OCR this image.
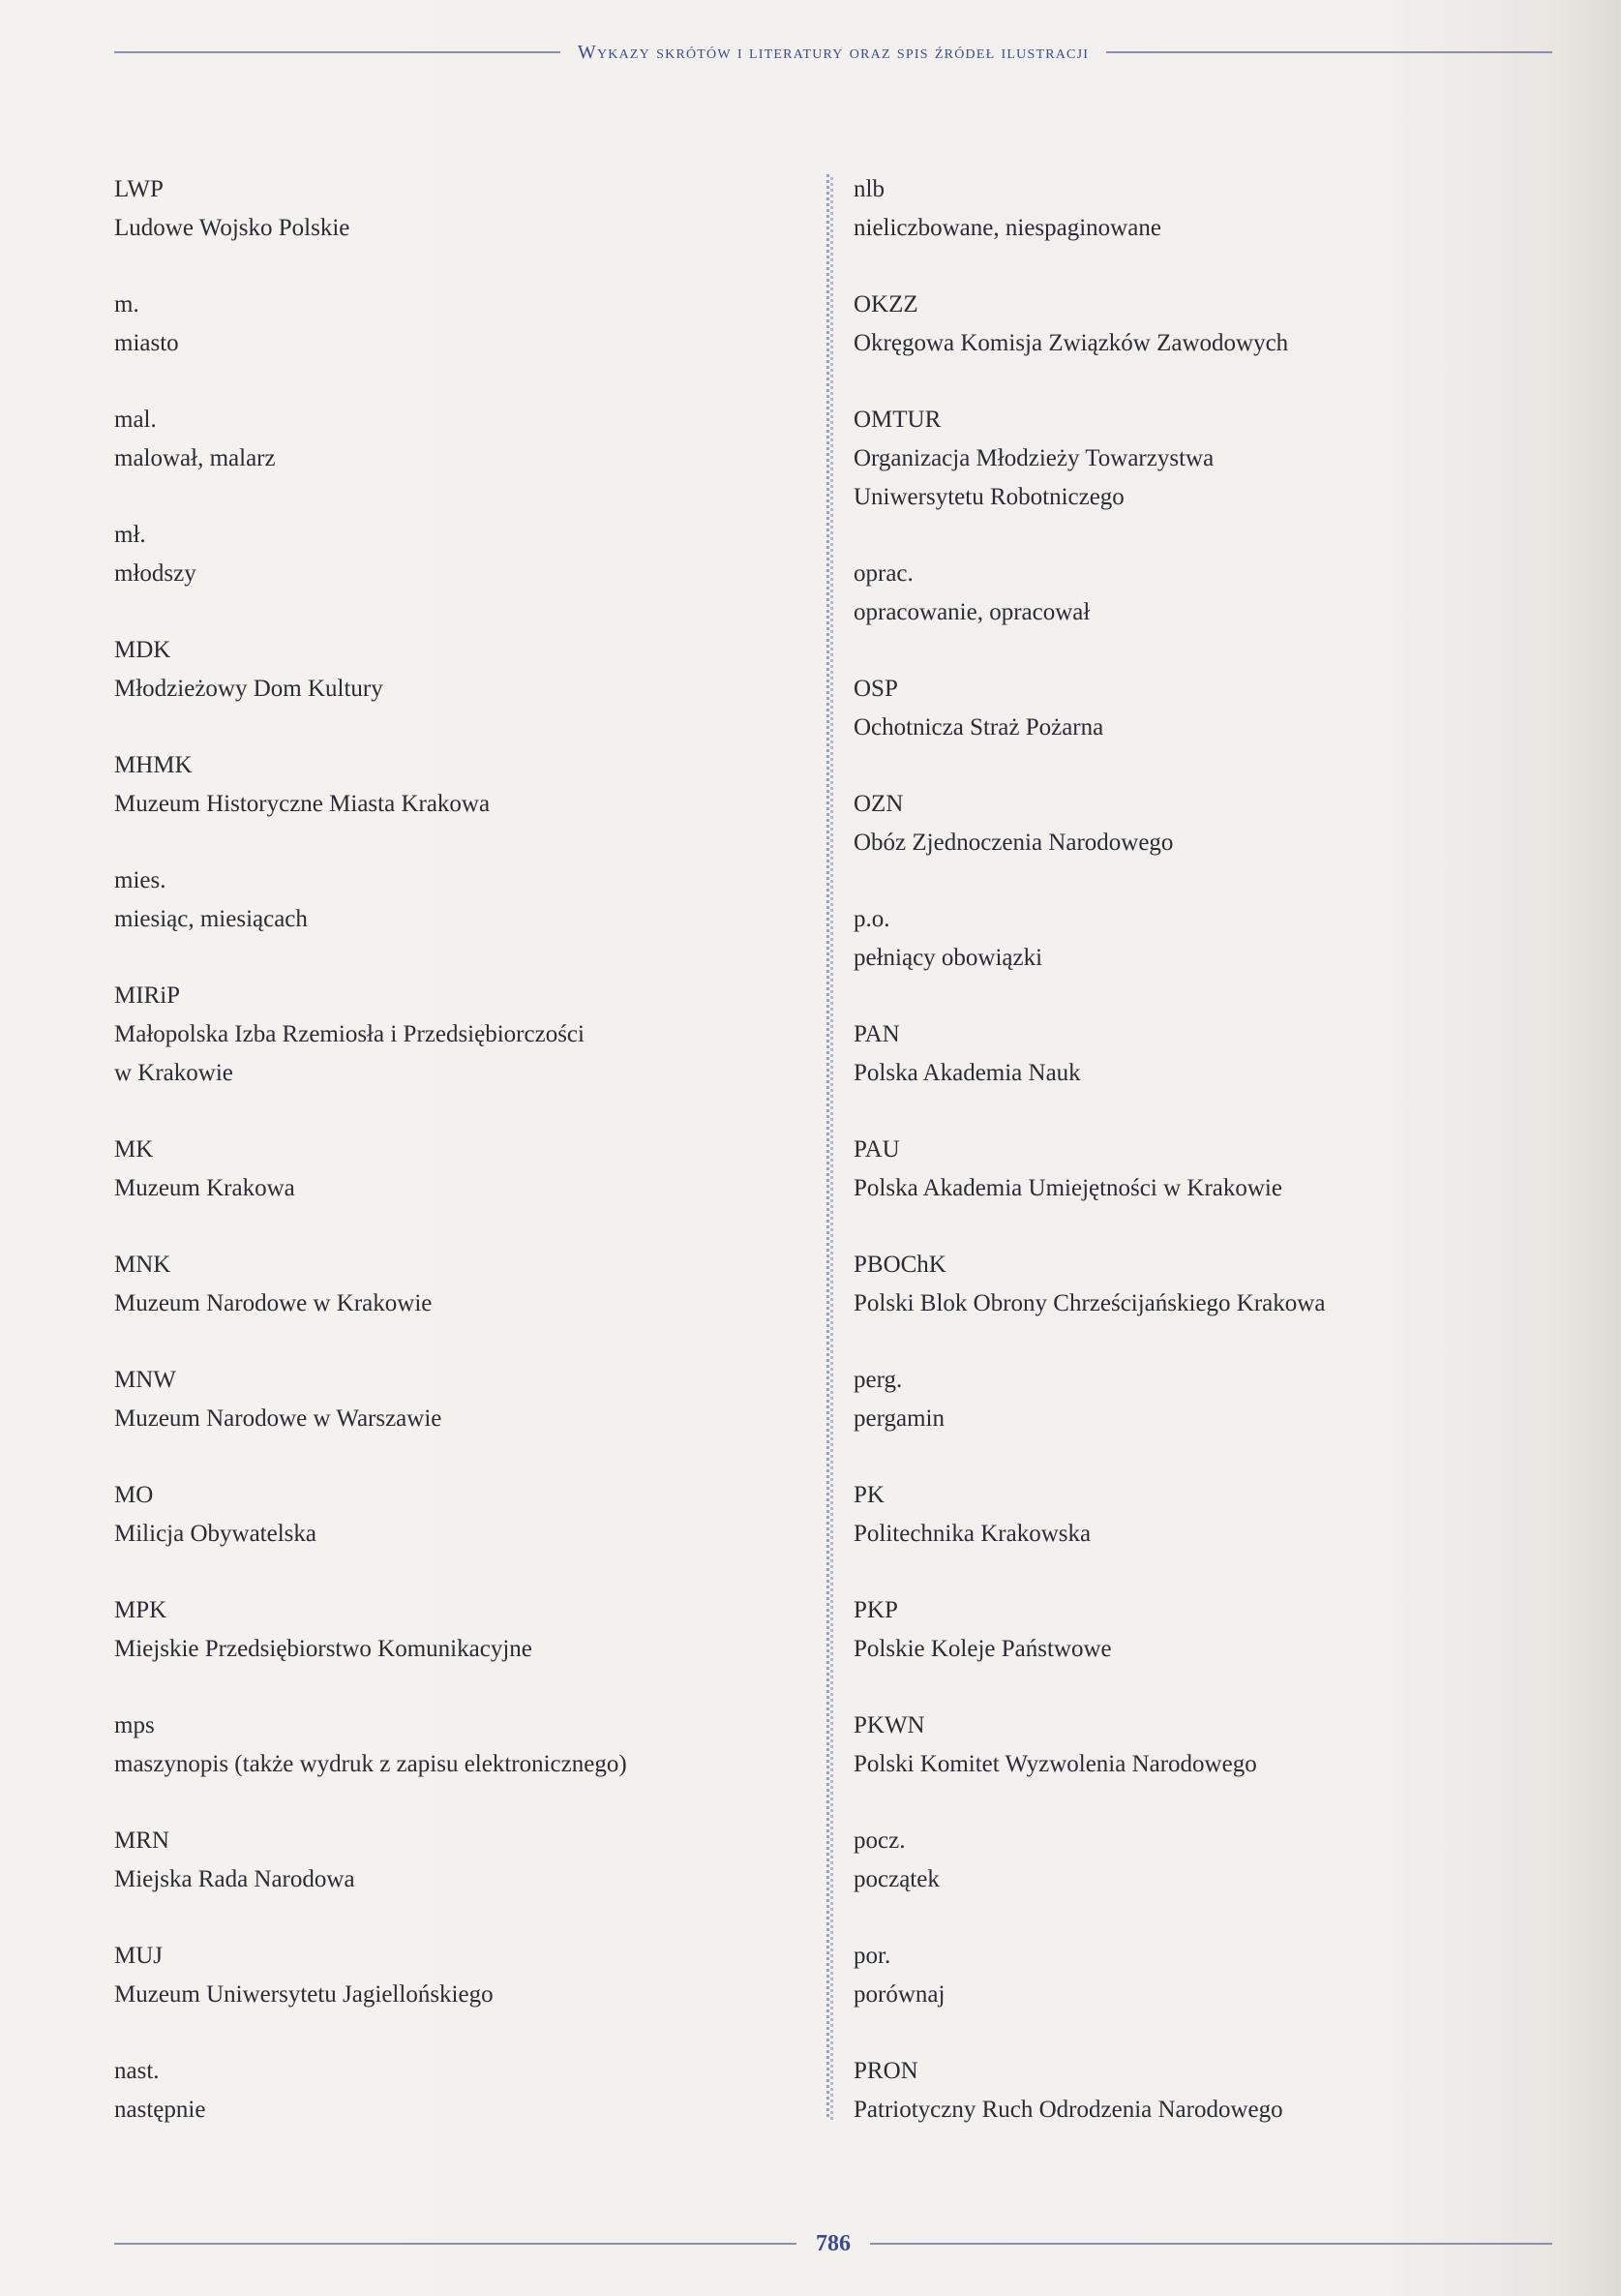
Wykazy skrótów i literatury oraz spis źródeł ilustracji
LWP
Ludowe Wojsko Polskie
m.
miasto
mal.
malował, malarz
mł.
młodszy
MDK
Młodzieżowy Dom Kultury
MHMK
Muzeum Historyczne Miasta Krakowa
mies.
miesiąc, miesiącach
MIRiP
Małopolska Izba Rzemiosła i Przedsiębiorczości
w Krakowie
MK
Muzeum Krakowa
MNK
Muzeum Narodowe w Krakowie
MNW
Muzeum Narodowe w Warszawie
MO
Milicja Obywatelska
MPK
Miejskie Przedsiębiorstwo Komunikacyjne
mps
maszynopis (także wydruk z zapisu elektronicznego)
MRN
Miejska Rada Narodowa
MUJ
Muzeum Uniwersytetu Jagiellońskiego
nast.
następnie
nlb
nieliczbowane, niespaginowane
OKZZ
Okręgowa Komisja Związków Zawodowych
OMTUR
Organizacja Młodzieży Towarzystwa
Uniwersytetu Robotniczego
oprac.
opracowanie, opracował
OSP
Ochotnicza Straż Pożarna
OZN
Obóz Zjednoczenia Narodowego
p.o.
pełniący obowiązki
PAN
Polska Akademia Nauk
PAU
Polska Akademia Umiejętności w Krakowie
PBOChK
Polski Blok Obrony Chrześcijańskiego Krakowa
perg.
pergamin
PK
Politechnika Krakowska
PKP
Polskie Koleje Państwowe
PKWN
Polski Komitet Wyzwolenia Narodowego
pocz.
początek
por.
porównaj
PRON
Patriotyczny Ruch Odrodzenia Narodowego
786
